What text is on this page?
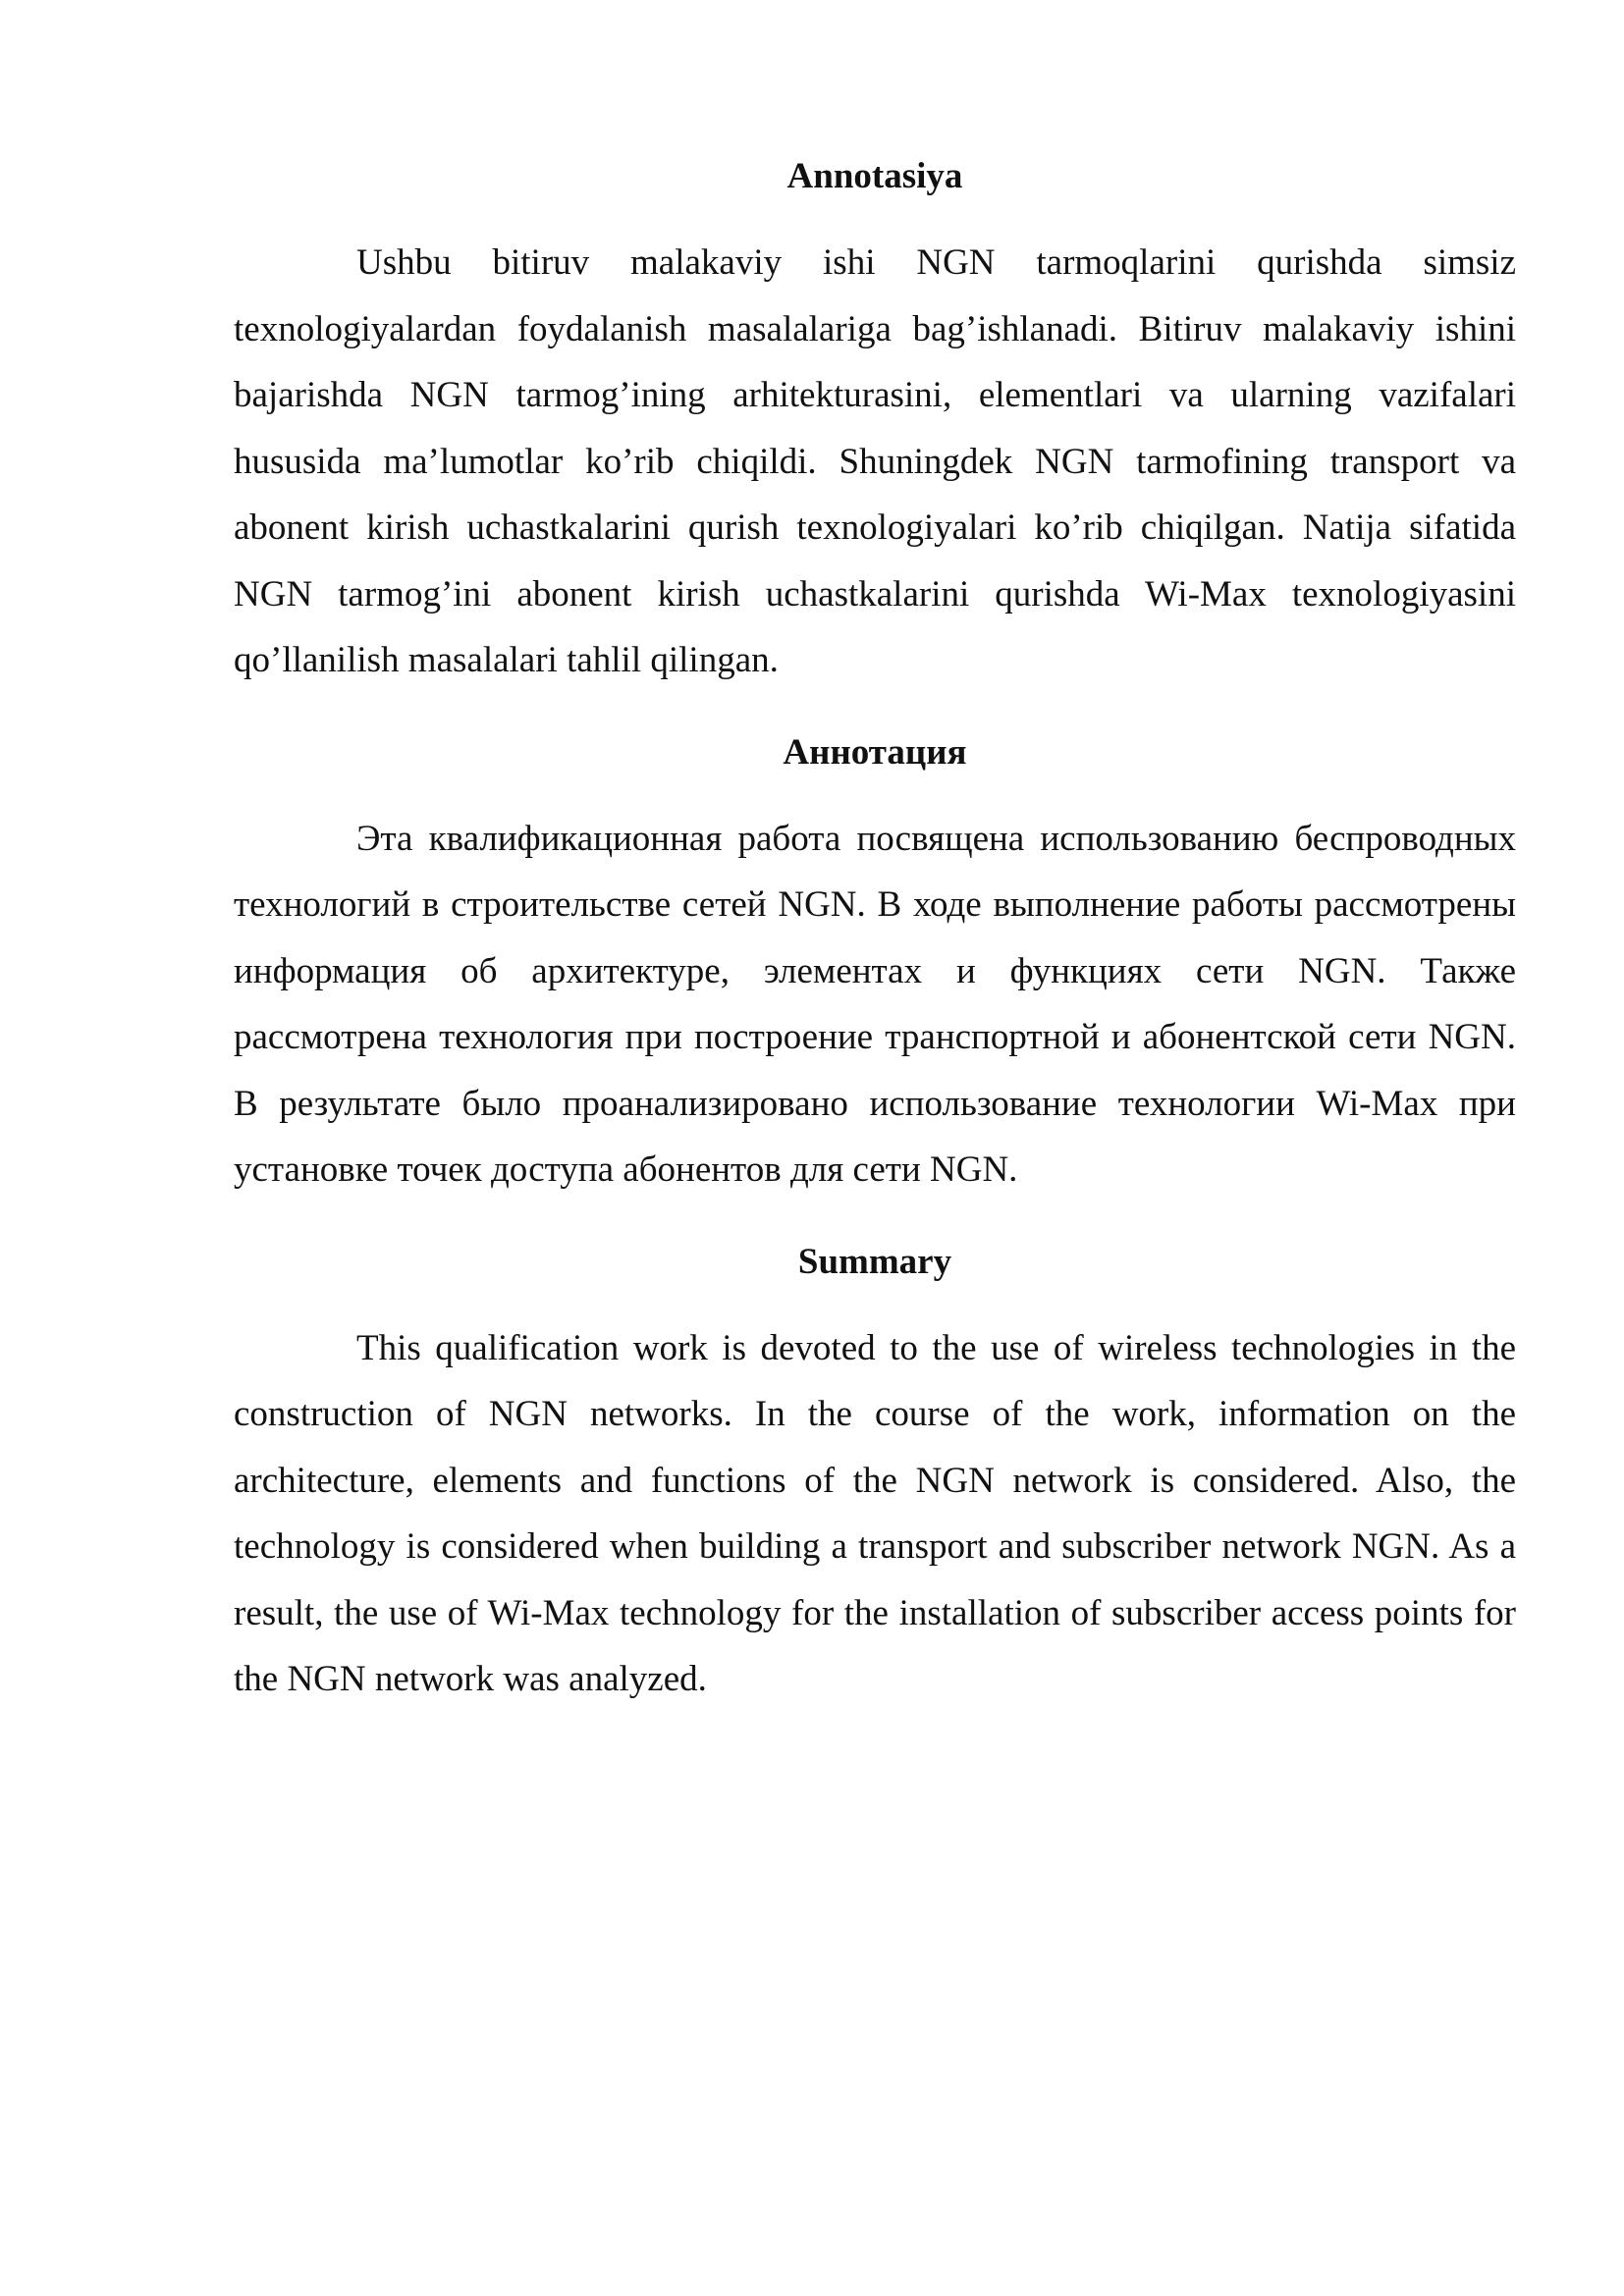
Annotasiya

Ushbu bitiruv malakaviy ishi NGN tarmoqlarini qurishda simsiz texnologiyalardan foydalanish masalalariga bag’ishlanadi. Bitiruv malakaviy ishini bajarishda NGN tarmog’ining arhitekturasini, elementlari va ularning vazifalari hususida ma’lumotlar ko’rib chiqildi. Shuningdek NGN tarmofining transport va abonent kirish uchastkalarini qurish texnologiyalari ko’rib chiqilgan. Natija sifatida NGN tarmog’ini abonent kirish uchastkalarini qurishda Wi-Max texnologiyasini qo’llanilish masalalari tahlil qilingan.

Аннотация

Эта квалификационная работа посвящена использованию беспроводных технологий в строительстве сетей NGN. В ходе выполнение работы рассмотрены информация об архитектуре, элементах и функциях сети NGN. Также рассмотрена технология при построение транспортной и абонентской сети NGN. В результате было проанализировано использование технологии Wi-Max при установке точек доступа абонентов для сети NGN.

Summary

This qualification work is devoted to the use of wireless technologies in the construction of NGN networks. In the course of the work, information on the architecture, elements and functions of the NGN network is considered. Also, the technology is considered when building a transport and subscriber network NGN. As a result, the use of Wi-Max technology for the installation of subscriber access points for the NGN network was analyzed.
